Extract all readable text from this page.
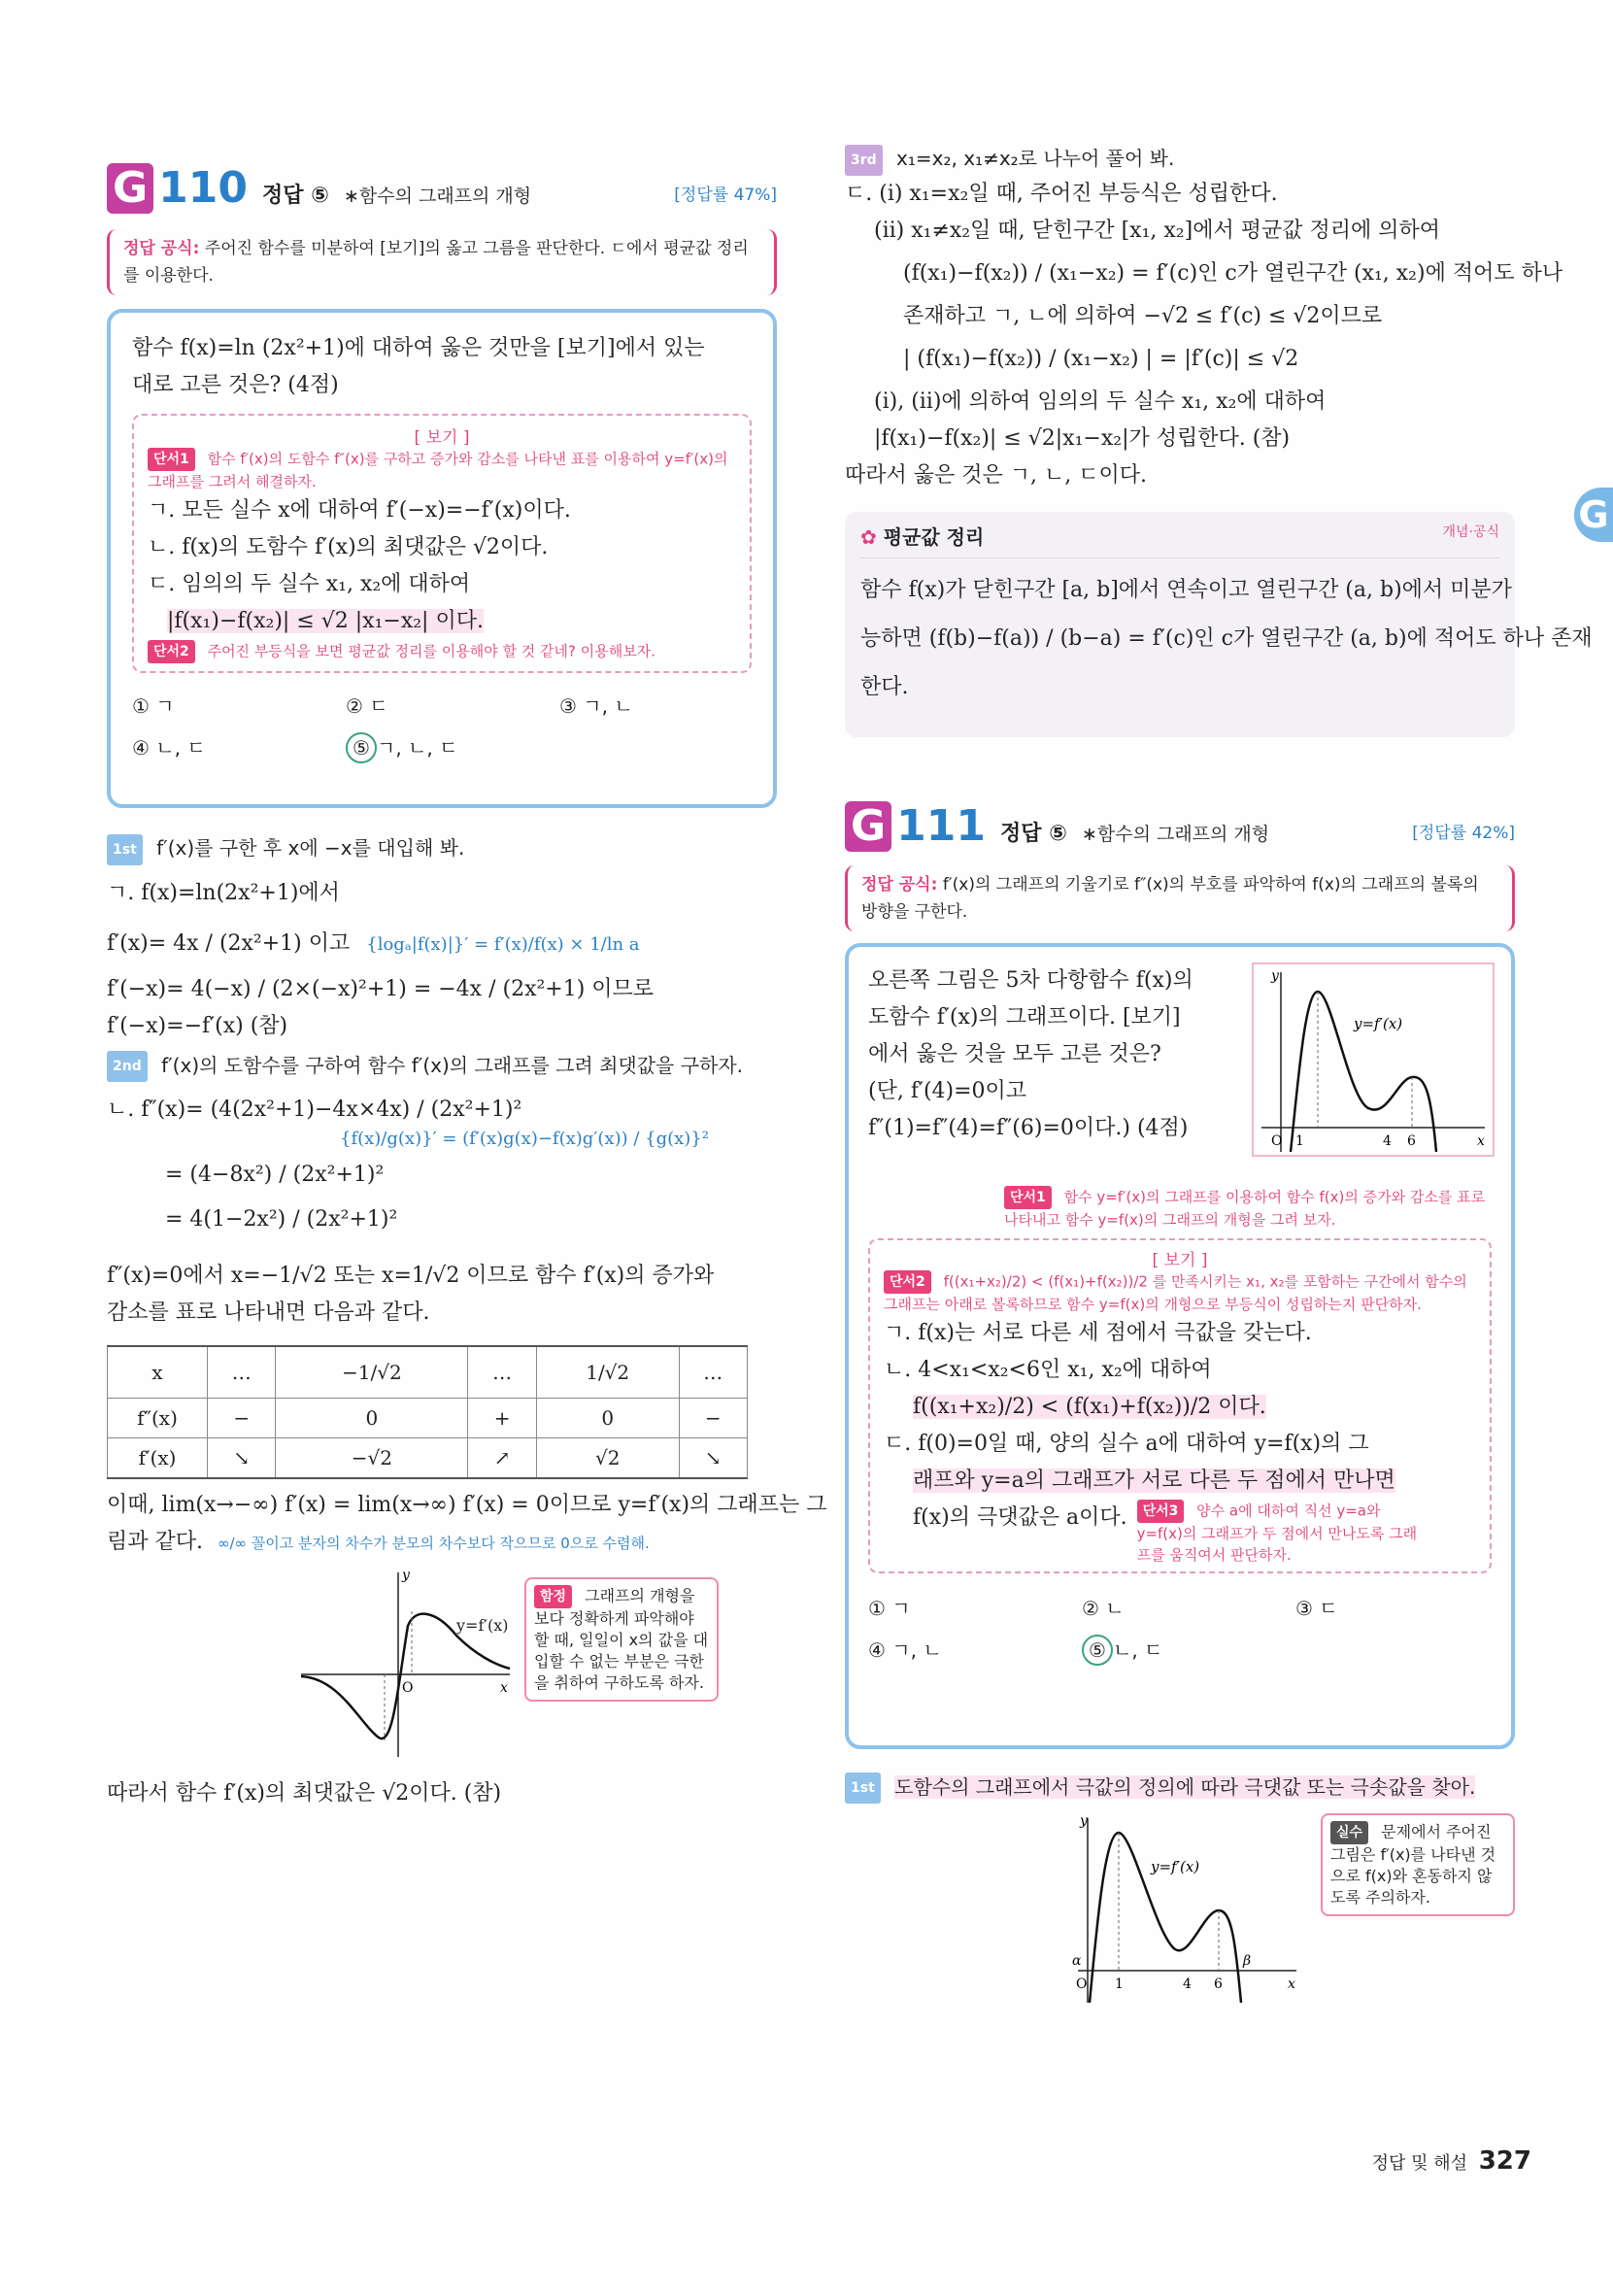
G
G 110 정답 ⑤ ∗함수의 그래프의 개형	[정답률 47%]
정답 공식: 주어진 함수를 미분하여 [보기]의 옳고 그름을 판단한다. ㄷ에서 평균값 정리를 이용한다.
함수 f(x)=ln (2x²+1)에 대하여 옳은 것만을 [보기]에서 있는
대로 고른 것은? (4점)
[ 보기 ]
단서1 함수 f′(x)의 도함수 f″(x)를 구하고 증가와 감소를 나타낸 표를 이용하여 y=f′(x)의 그래프를 그려서 해결하자.
ㄱ. 모든 실수 x에 대하여 f′(−x)=−f′(x)이다.
ㄴ. f(x)의 도함수 f′(x)의 최댓값은 √2이다.
ㄷ. 임의의 두 실수 x₁, x₂에 대하여
|f(x₁)−f(x₂)| ≤ √2 |x₁−x₂| 이다.
단서2 주어진 부등식을 보면 평균값 정리를 이용해야 할 것 같네? 이용해보자.
① ㄱ	② ㄷ	③ ㄱ, ㄴ
④ ㄴ, ㄷ	⑤ ㄱ, ㄴ, ㄷ
1st f′(x)를 구한 후 x에 −x를 대입해 봐.
ㄱ. f(x)=ln(2x²+1)에서
f′(x)= 4x / (2x²+1) 이고 {logₐ|f(x)|}′ = f′(x)/f(x) × 1/ln a
f′(−x)= 4(−x) / (2×(−x)²+1) = −4x / (2x²+1) 이므로
f′(−x)=−f′(x) (참)
2nd f′(x)의 도함수를 구하여 함수 f′(x)의 그래프를 그려 최댓값을 구하자.
ㄴ. f″(x)= (4(2x²+1)−4x×4x) / (2x²+1)²
{f(x)/g(x)}′ = (f′(x)g(x)−f(x)g′(x)) / {g(x)}²
= (4−8x²) / (2x²+1)²
= 4(1−2x²) / (2x²+1)²
f″(x)=0에서 x=−1/√2 또는 x=1/√2 이므로 함수 f′(x)의 증가와
감소를 표로 나타내면 다음과 같다.
x	…	−1/√2	…	1/√2	…
f″(x)	−	0	+	0	−
f′(x)	↘	−√2	↗	√2	↘
이때, lim(x→−∞) f′(x) = lim(x→∞) f′(x) = 0이므로 y=f′(x)의 그래프는 그
림과 같다. ∞/∞ 꼴이고 분자의 차수가 분모의 차수보다 작으므로 0으로 수렴해.
O	x
y
y=f′(x)
함정 그래프의 개형을 보다 정확하게 파악해야 할 때, 일일이 x의 값을 대입할 수 없는 부분은 극한을 취하여 구하도록 하자.
따라서 함수 f′(x)의 최댓값은 √2이다. (참)
3rd x₁=x₂, x₁≠x₂로 나누어 풀어 봐.
ㄷ. (ⅰ) x₁=x₂일 때, 주어진 부등식은 성립한다.
(ⅱ) x₁≠x₂일 때, 닫힌구간 [x₁, x₂]에서 평균값 정리에 의하여
(f(x₁)−f(x₂)) / (x₁−x₂) = f′(c)인 c가 열린구간 (x₁, x₂)에 적어도 하나
존재하고 ㄱ, ㄴ에 의하여 −√2 ≤ f′(c) ≤ √2이므로
| (f(x₁)−f(x₂)) / (x₁−x₂) | = |f′(c)| ≤ √2
(ⅰ), (ⅱ)에 의하여 임의의 두 실수 x₁, x₂에 대하여
|f(x₁)−f(x₂)| ≤ √2|x₁−x₂|가 성립한다. (참)
따라서 옳은 것은 ㄱ, ㄴ, ㄷ이다.
✿ 평균값 정리	개념·공식
함수 f(x)가 닫힌구간 [a, b]에서 연속이고 열린구간 (a, b)에서 미분가
능하면 (f(b)−f(a)) / (b−a) = f′(c)인 c가 열린구간 (a, b)에 적어도 하나 존재
한다.
G 111 정답 ⑤ ∗함수의 그래프의 개형	[정답률 42%]
정답 공식: f′(x)의 그래프의 기울기로 f″(x)의 부호를 파악하여 f(x)의 그래프의 볼록의 방향을 구한다.
오른쪽 그림은 5차 다항함수 f(x)의
도함수 f′(x)의 그래프이다. [보기]
에서 옳은 것을 모두 고른 것은?
(단, f′(4)=0이고
f″(1)=f″(4)=f″(6)=0이다.) (4점)
O 1	4 6	x
y
y=f′(x)
단서1 함수 y=f′(x)의 그래프를 이용하여 함수 f(x)의 증가와 감소를 표로 나타내고 함수 y=f(x)의 그래프의 개형을 그려 보자.
[ 보기 ]
단서2 f((x₁+x₂)/2) < (f(x₁)+f(x₂))/2 를 만족시키는 x₁, x₂를 포함하는 구간에서 함수의 그래프는 아래로 볼록하므로 함수 y=f(x)의 개형으로 부등식이 성립하는지 판단하자.
ㄱ. f(x)는 서로 다른 세 점에서 극값을 갖는다.
ㄴ. 4<x₁<x₂<6인 x₁, x₂에 대하여
f((x₁+x₂)/2) < (f(x₁)+f(x₂))/2 이다.
ㄷ. f(0)=0일 때, 양의 실수 a에 대하여 y=f(x)의 그
래프와 y=a의 그래프가 서로 다른 두 점에서 만나면
f(x)의 극댓값은 a이다.	단서3 양수 a에 대하여 직선 y=a와 y=f(x)의 그래프가 두 점에서 만나도록 그래프를 움직여서 판단하자.
① ㄱ	② ㄴ	③ ㄷ
④ ㄱ, ㄴ	⑤ ㄴ, ㄷ
1st 도함수의 그래프에서 극값의 정의에 따라 극댓값 또는 극솟값을 찾아.
y
α
O 1	4 6
β
x
y=f′(x)
실수 문제에서 주어진 그림은 f′(x)를 나타낸 것으로 f(x)와 혼동하지 않도록 주의하자.
정답 및 해설 327
